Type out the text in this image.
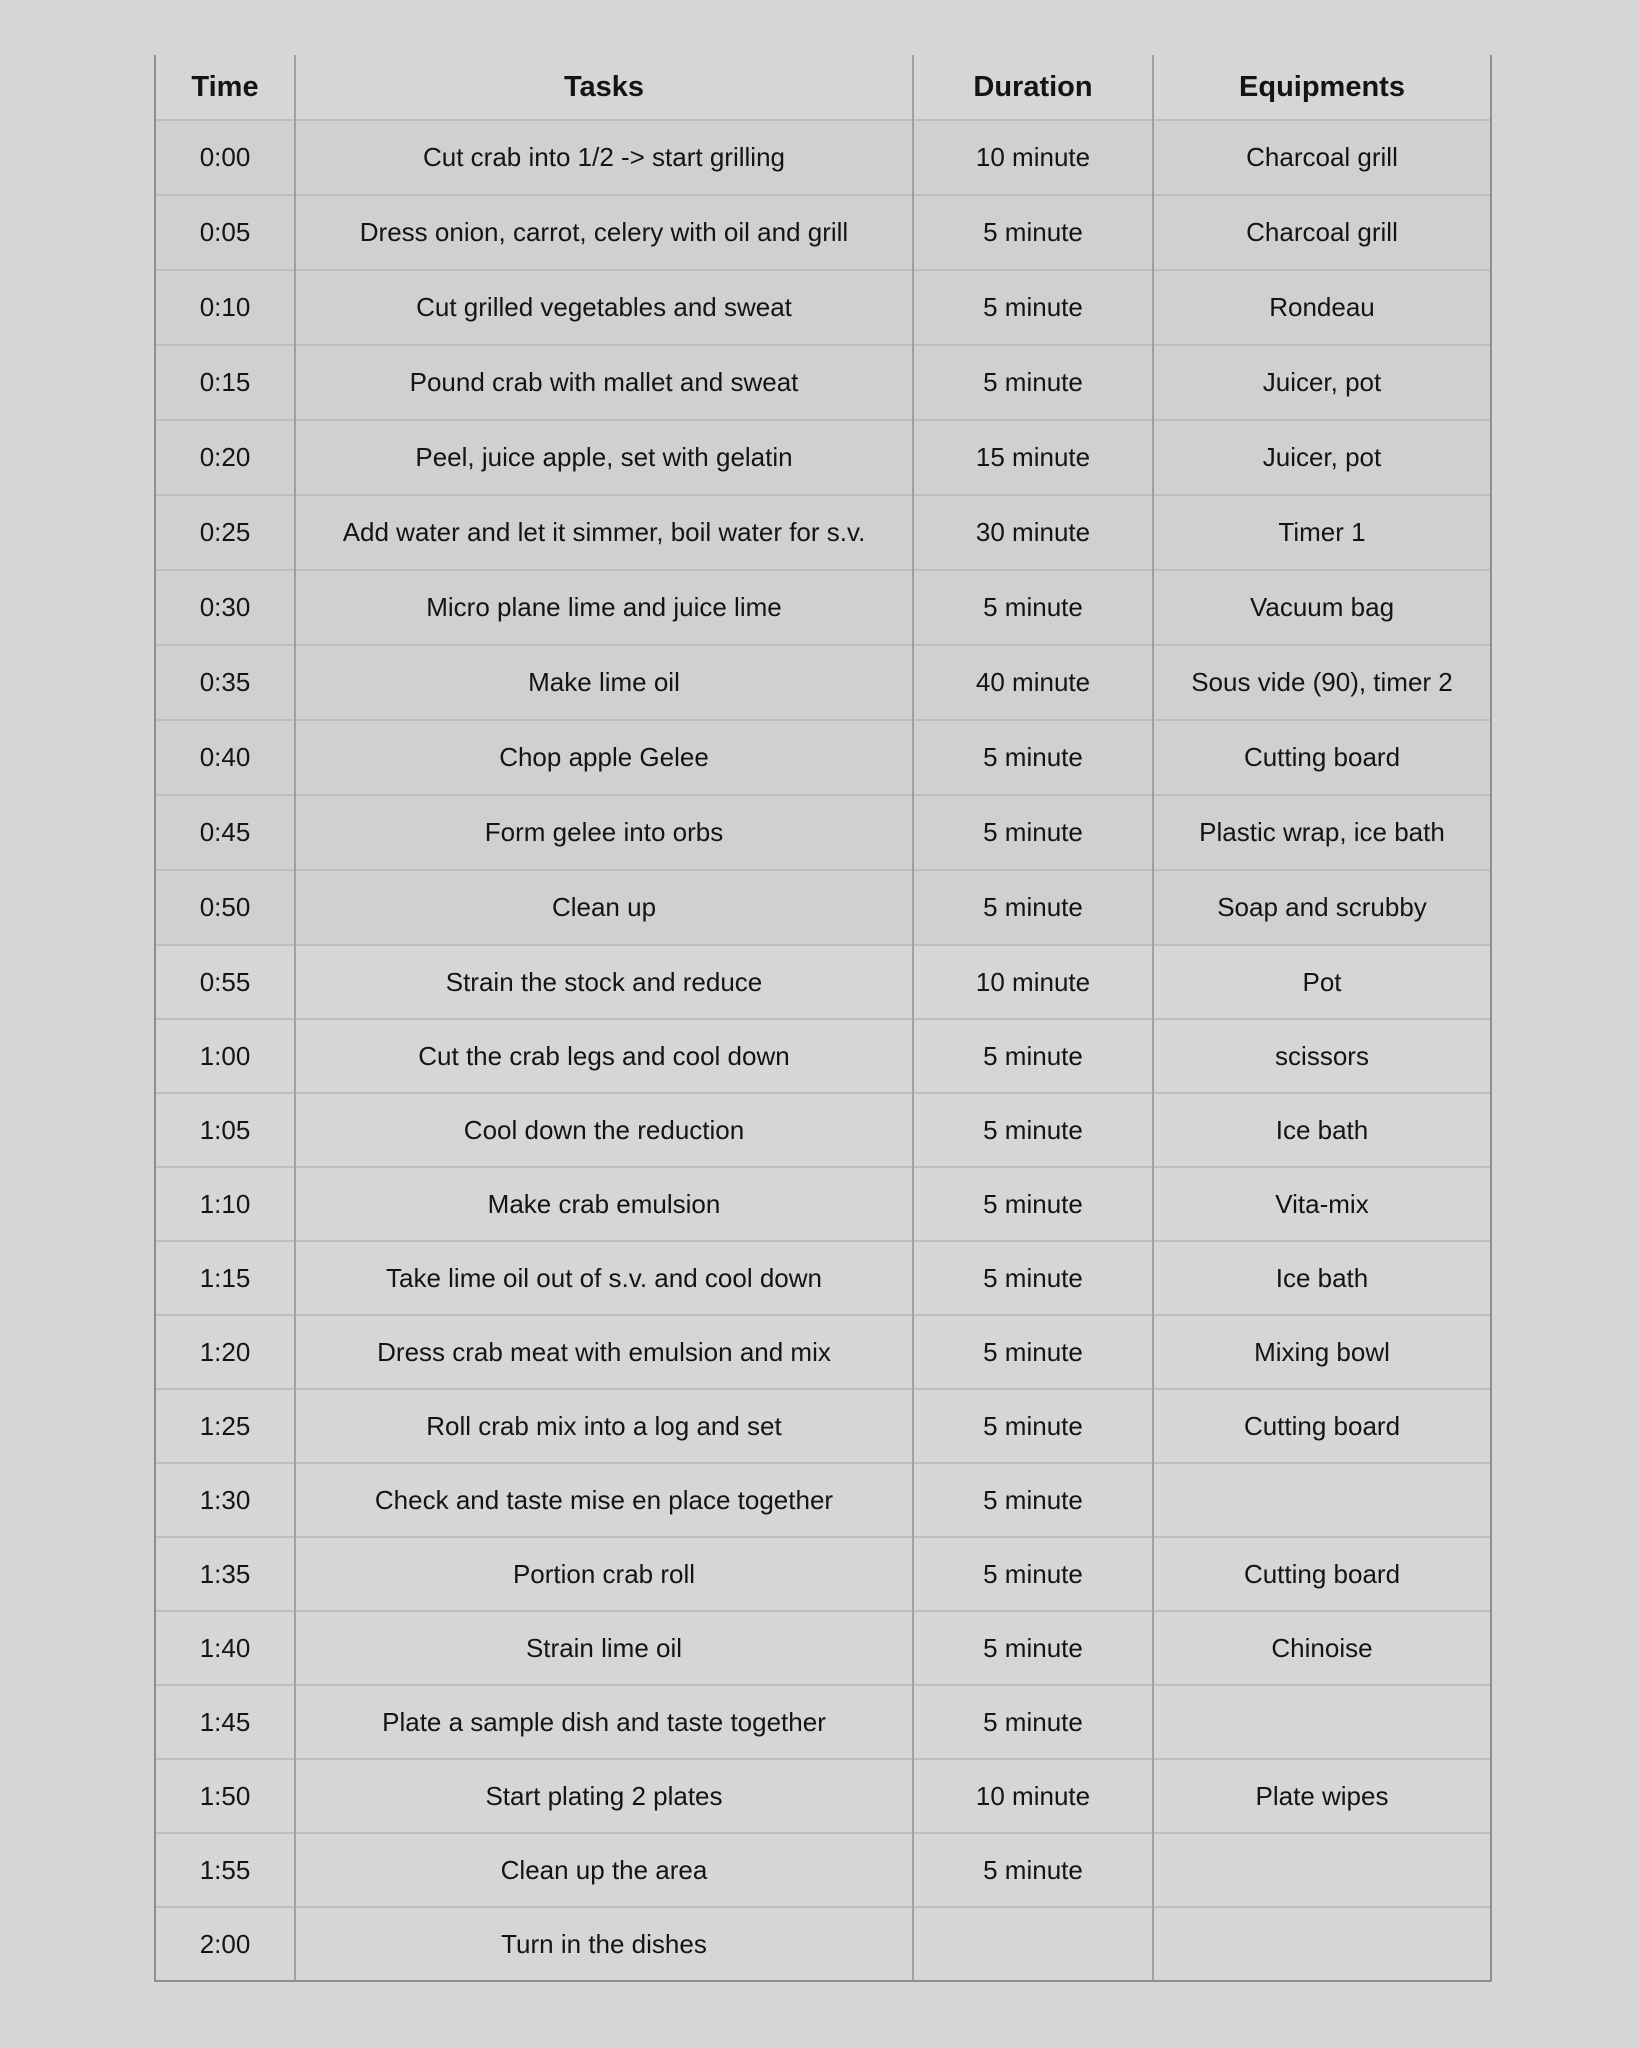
Time	Tasks	Duration	Equipments
0:00	Cut crab into 1/2 -> start grilling	10 minute	Charcoal grill
0:05	Dress onion, carrot, celery with oil and grill	5 minute	Charcoal grill
0:10	Cut grilled vegetables and sweat	5 minute	Rondeau
0:15	Pound crab with mallet and sweat	5 minute	Juicer, pot
0:20	Peel, juice apple, set with gelatin	15 minute	Juicer, pot
0:25	Add water and let it simmer, boil water for s.v.	30 minute	Timer 1
0:30	Micro plane lime and juice lime	5 minute	Vacuum bag
0:35	Make lime oil	40 minute	Sous vide (90), timer 2
0:40	Chop apple Gelee	5 minute	Cutting board
0:45	Form gelee into orbs	5 minute	Plastic wrap, ice bath
0:50	Clean up	5 minute	Soap and scrubby
0:55	Strain the stock and reduce	10 minute	Pot
1:00	Cut the crab legs and cool down	5 minute	scissors
1:05	Cool down the reduction	5 minute	Ice bath
1:10	Make crab emulsion	5 minute	Vita-mix
1:15	Take lime oil out of s.v. and cool down	5 minute	Ice bath
1:20	Dress crab meat with emulsion and mix	5 minute	Mixing bowl
1:25	Roll crab mix into a log and set	5 minute	Cutting board
1:30	Check and taste mise en place together	5 minute	
1:35	Portion crab roll	5 minute	Cutting board
1:40	Strain lime oil	5 minute	Chinoise
1:45	Plate a sample dish and taste together	5 minute	
1:50	Start plating 2 plates	10 minute	Plate wipes
1:55	Clean up the area	5 minute	
2:00	Turn in the dishes		
